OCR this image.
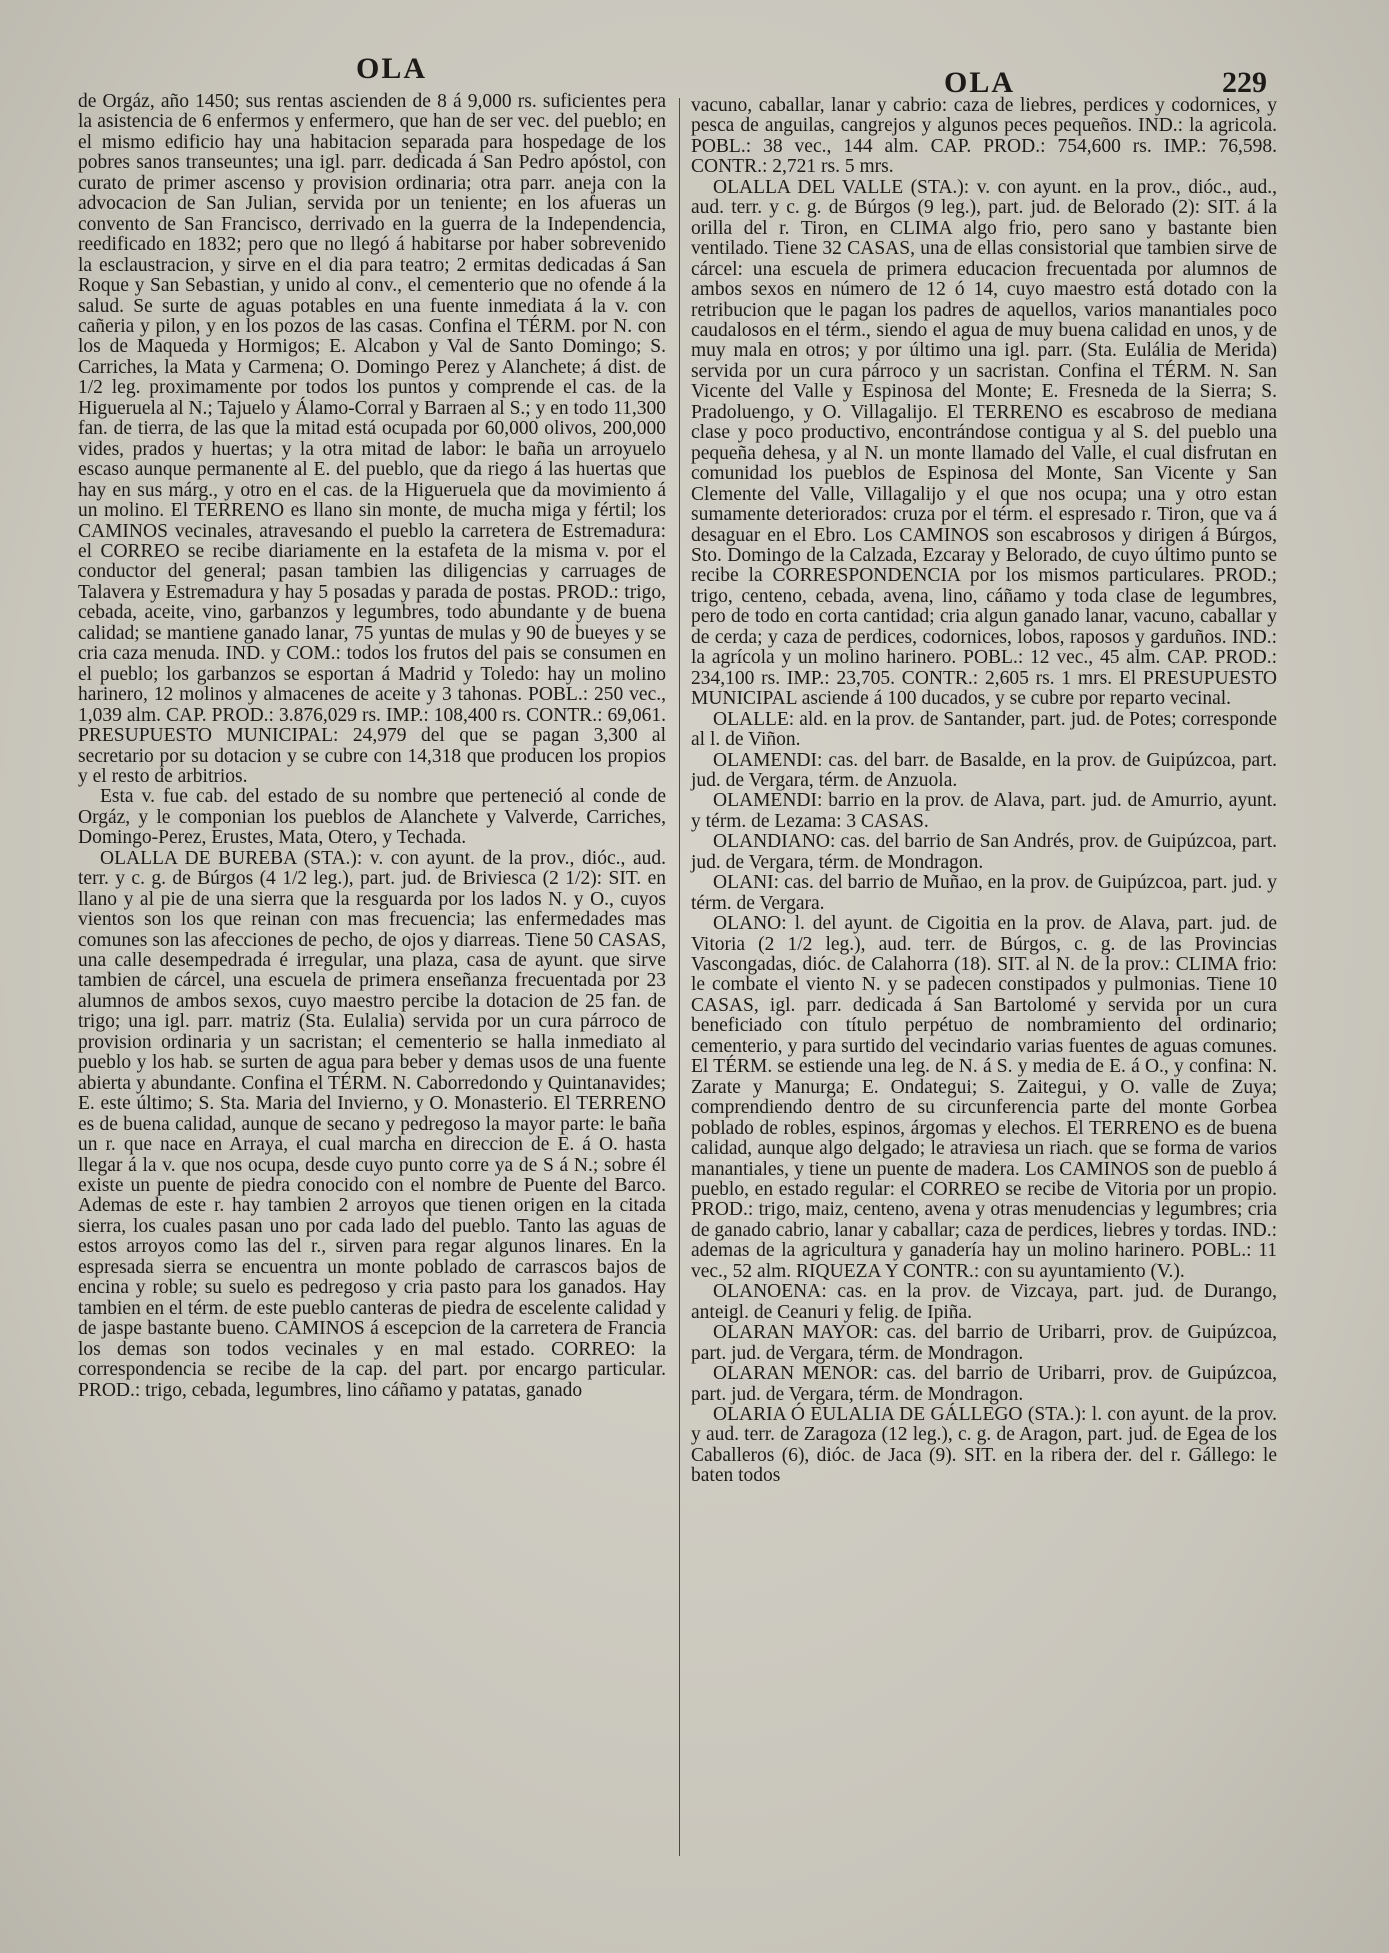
OLA	OLA	229

de Orgáz, año 1450; sus rentas ascienden de 8 á 9,000 rs. suficientes pera la asistencia de 6 enfermos y enfermero, que han de ser vec. del pueblo; en el mismo edificio hay una habitacion separada para hospedage de los pobres sanos transeuntes; una igl. parr. dedicada á San Pedro apóstol, con curato de primer ascenso y provision ordinaria; otra parr. aneja con la advocacion de San Julian, servida por un teniente; en los afueras un convento de San Francisco, derrivado en la guerra de la Independencia, reedificado en 1832; pero que no llegó á habitarse por haber sobrevenido la esclaustracion, y sirve en el dia para teatro; 2 ermitas dedicadas á San Roque y San Sebastian, y unido al conv., el cementerio que no ofende á la salud. Se surte de aguas potables en una fuente inmediata á la v. con cañeria y pilon, y en los pozos de las casas. Confina el TÉRM. por N. con los de Maqueda y Hormigos; E. Alcabon y Val de Santo Domingo; S. Carriches, la Mata y Carmena; O. Domingo Perez y Alanchete; á dist. de 1/2 leg. proximamente por todos los puntos y comprende el cas. de la Higueruela al N.; Tajuelo y Álamo-Corral y Barraen al S.; y en todo 11,300 fan. de tierra, de las que la mitad está ocupada por 60,000 olivos, 200,000 vides, prados y huertas; y la otra mitad de labor: le baña un arroyuelo escaso aunque permanente al E. del pueblo, que da riego á las huertas que hay en sus márg., y otro en el cas. de la Higueruela que da movimiento á un molino. El TERRENO es llano sin monte, de mucha miga y fértil; los CAMINOS vecinales, atravesando el pueblo la carretera de Estremadura: el CORREO se recibe diariamente en la estafeta de la misma v. por el conductor del general; pasan tambien las diligencias y carruages de Talavera y Estremadura y hay 5 posadas y parada de postas. PROD.: trigo, cebada, aceite, vino, garbanzos y legumbres, todo abundante y de buena calidad; se mantiene ganado lanar, 75 yuntas de mulas y 90 de bueyes y se cria caza menuda. IND. y COM.: todos los frutos del pais se consumen en el pueblo; los garbanzos se esportan á Madrid y Toledo: hay un molino harinero, 12 molinos y almacenes de aceite y 3 tahonas. POBL.: 250 vec., 1,039 alm. CAP. PROD.: 3.876,029 rs. IMP.: 108,400 rs. CONTR.: 69,061. PRESUPUESTO MUNICIPAL: 24,979 del que se pagan 3,300 al secretario por su dotacion y se cubre con 14,318 que producen los propios y el resto de arbitrios.

Esta v. fue cab. del estado de su nombre que perteneció al conde de Orgáz, y le componian los pueblos de Alanchete y Valverde, Carriches, Domingo-Perez, Erustes, Mata, Otero, y Techada.

OLALLA DE BUREBA (STA.): v. con ayunt. de la prov., dióc., aud. terr. y c. g. de Búrgos (4 1/2 leg.), part. jud. de Briviesca (2 1/2): SIT. en llano y al pie de una sierra que la resguarda por los lados N. y O., cuyos vientos son los que reinan con mas frecuencia; las enfermedades mas comunes son las afecciones de pecho, de ojos y diarreas. Tiene 50 CASAS, una calle desempedrada é irregular, una plaza, casa de ayunt. que sirve tambien de cárcel, una escuela de primera enseñanza frecuentada por 23 alumnos de ambos sexos, cuyo maestro percibe la dotacion de 25 fan. de trigo; una igl. parr. matriz (Sta. Eulalia) servida por un cura párroco de provision ordinaria y un sacristan; el cementerio se halla inmediato al pueblo y los hab. se surten de agua para beber y demas usos de una fuente abierta y abundante. Confina el TÉRM. N. Caborredondo y Quintanavides; E. este último; S. Sta. Maria del Invierno, y O. Monasterio. El TERRENO es de buena calidad, aunque de secano y pedregoso la mayor parte: le baña un r. que nace en Arraya, el cual marcha en direccion de E. á O. hasta llegar á la v. que nos ocupa, desde cuyo punto corre ya de S á N.; sobre él existe un puente de piedra conocido con el nombre de Puente del Barco. Ademas de este r. hay tambien 2 arroyos que tienen origen en la citada sierra, los cuales pasan uno por cada lado del pueblo. Tanto las aguas de estos arroyos como las del r., sirven para regar algunos linares. En la espresada sierra se encuentra un monte poblado de carrascos bajos de encina y roble; su suelo es pedregoso y cria pasto para los ganados. Hay tambien en el térm. de este pueblo canteras de piedra de escelente calidad y de jaspe bastante bueno. CAMINOS á escepcion de la carretera de Francia los demas son todos vecinales y en mal estado. CORREO: la correspondencia se recibe de la cap. del part. por encargo particular. PROD.: trigo, cebada, legumbres, lino cáñamo y patatas, ganado

vacuno, caballar, lanar y cabrio: caza de liebres, perdices y codornices, y pesca de anguilas, cangrejos y algunos peces pequeños. IND.: la agricola. POBL.: 38 vec., 144 alm. CAP. PROD.: 754,600 rs. IMP.: 76,598. CONTR.: 2,721 rs. 5 mrs.

OLALLA DEL VALLE (STA.): v. con ayunt. en la prov., dióc., aud., aud. terr. y c. g. de Búrgos (9 leg.), part. jud. de Belorado (2): SIT. á la orilla del r. Tiron, en CLIMA algo frio, pero sano y bastante bien ventilado. Tiene 32 CASAS, una de ellas consistorial que tambien sirve de cárcel: una escuela de primera educacion frecuentada por alumnos de ambos sexos en número de 12 ó 14, cuyo maestro está dotado con la retribucion que le pagan los padres de aquellos, varios manantiales poco caudalosos en el térm., siendo el agua de muy buena calidad en unos, y de muy mala en otros; y por último una igl. parr. (Sta. Eulália de Merida) servida por un cura párroco y un sacristan. Confina el TÉRM. N. San Vicente del Valle y Espinosa del Monte; E. Fresneda de la Sierra; S. Pradoluengo, y O. Villagalijo. El TERRENO es escabroso de mediana clase y poco productivo, encontrándose contigua y al S. del pueblo una pequeña dehesa, y al N. un monte llamado del Valle, el cual disfrutan en comunidad los pueblos de Espinosa del Monte, San Vicente y San Clemente del Valle, Villagalijo y el que nos ocupa; una y otro estan sumamente deteriorados: cruza por el térm. el espresado r. Tiron, que va á desaguar en el Ebro. Los CAMINOS son escabrosos y dirigen á Búrgos, Sto. Domingo de la Calzada, Ezcaray y Belorado, de cuyo último punto se recibe la CORRESPONDENCIA por los mismos particulares. PROD.; trigo, centeno, cebada, avena, lino, cáñamo y toda clase de legumbres, pero de todo en corta cantidad; cria algun ganado lanar, vacuno, caballar y de cerda; y caza de perdices, codornices, lobos, raposos y garduños. IND.: la agrícola y un molino harinero. POBL.: 12 vec., 45 alm. CAP. PROD.: 234,100 rs. IMP.: 23,705. CONTR.: 2,605 rs. 1 mrs. El PRESUPUESTO MUNICIPAL asciende á 100 ducados, y se cubre por reparto vecinal.

OLALLE: ald. en la prov. de Santander, part. jud. de Potes; corresponde al l. de Viñon.

OLAMENDI: cas. del barr. de Basalde, en la prov. de Guipúzcoa, part. jud. de Vergara, térm. de Anzuola.

OLAMENDI: barrio en la prov. de Alava, part. jud. de Amurrio, ayunt. y térm. de Lezama: 3 CASAS.

OLANDIANO: cas. del barrio de San Andrés, prov. de Guipúzcoa, part. jud. de Vergara, térm. de Mondragon.

OLANI: cas. del barrio de Muñao, en la prov. de Guipúzcoa, part. jud. y térm. de Vergara.

OLANO: l. del ayunt. de Cigoitia en la prov. de Alava, part. jud. de Vitoria (2 1/2 leg.), aud. terr. de Búrgos, c. g. de las Provincias Vascongadas, dióc. de Calahorra (18). SIT. al N. de la prov.: CLIMA frio: le combate el viento N. y se padecen constipados y pulmonias. Tiene 10 CASAS, igl. parr. dedicada á San Bartolomé y servida por un cura beneficiado con título perpétuo de nombramiento del ordinario; cementerio, y para surtido del vecindario varias fuentes de aguas comunes. El TÉRM. se estiende una leg. de N. á S. y media de E. á O., y confina: N. Zarate y Manurga; E. Ondategui; S. Zaitegui, y O. valle de Zuya; comprendiendo dentro de su circunferencia parte del monte Gorbea poblado de robles, espinos, árgomas y elechos. El TERRENO es de buena calidad, aunque algo delgado; le atraviesa un riach. que se forma de varios manantiales, y tiene un puente de madera. Los CAMINOS son de pueblo á pueblo, en estado regular: el CORREO se recibe de Vitoria por un propio. PROD.: trigo, maiz, centeno, avena y otras menudencias y legumbres; cria de ganado cabrio, lanar y caballar; caza de perdices, liebres y tordas. IND.: ademas de la agricultura y ganadería hay un molino harinero. POBL.: 11 vec., 52 alm. RIQUEZA Y CONTR.: con su ayuntamiento (V.).

OLANOENA: cas. en la prov. de Vizcaya, part. jud. de Durango, anteigl. de Ceanuri y felig. de Ipiña.

OLARAN MAYOR: cas. del barrio de Uribarri, prov. de Guipúzcoa, part. jud. de Vergara, térm. de Mondragon.

OLARAN MENOR: cas. del barrio de Uribarri, prov. de Guipúzcoa, part. jud. de Vergara, térm. de Mondragon.

OLARIA Ó EULALIA DE GÁLLEGO (STA.): l. con ayunt. de la prov. y aud. terr. de Zaragoza (12 leg.), c. g. de Aragon, part. jud. de Egea de los Caballeros (6), dióc. de Jaca (9). SIT. en la ribera der. del r. Gállego: le baten todos
